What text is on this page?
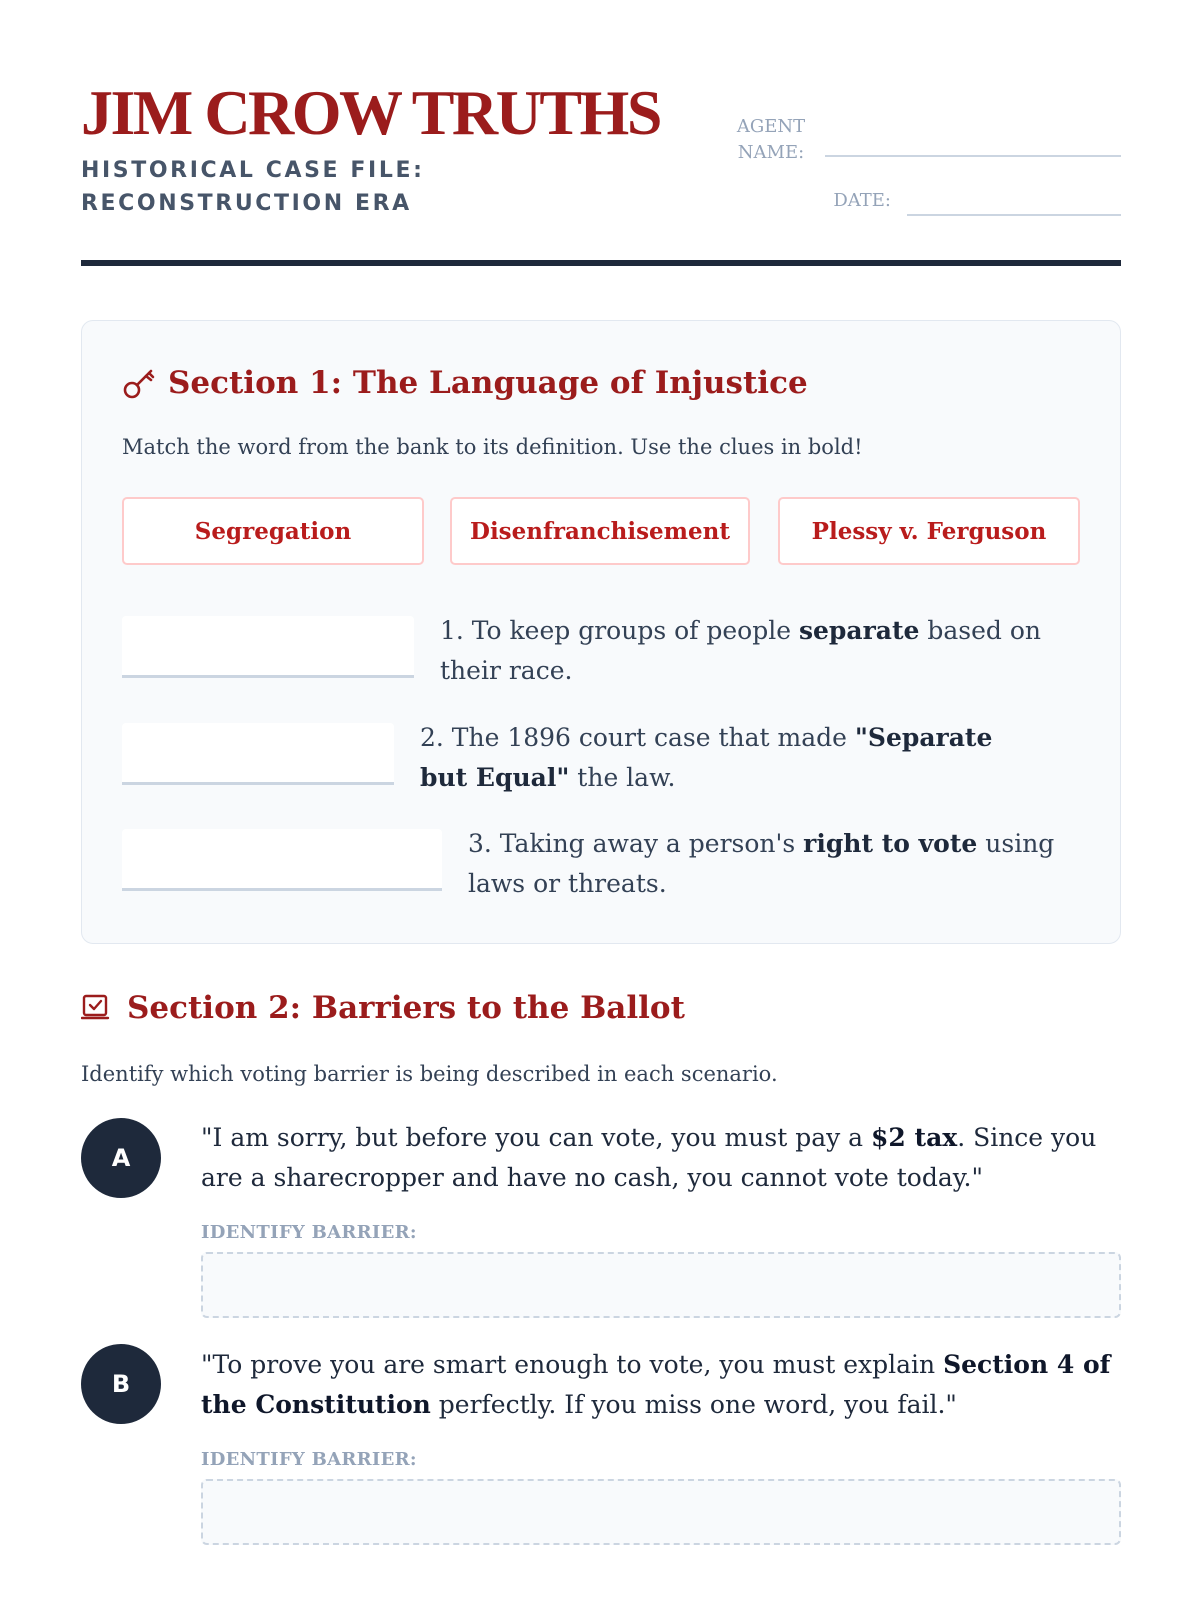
JIM CROW TRUTHS
HISTORICAL CASE FILE: RECONSTRUCTION ERA
AGENT
NAME:
DATE:
Section 1: The Language of Injustice
Match the word from the bank to its definition. Use the clues in bold!
Segregation	Disenfranchisement	Plessy v. Ferguson
1. To keep groups of people separate based on their race.
2. The 1896 court case that made "Separate but Equal" the law.
3. Taking away a person's right to vote using laws or threats.
Section 2: Barriers to the Ballot
Identify which voting barrier is being described in each scenario.
A
"I am sorry, but before you can vote, you must pay a $2 tax. Since you are a sharecropper and have no cash, you cannot vote today."
IDENTIFY BARRIER:
B
"To prove you are smart enough to vote, you must explain Section 4 of the Constitution perfectly. If you miss one word, you fail."
IDENTIFY BARRIER:
